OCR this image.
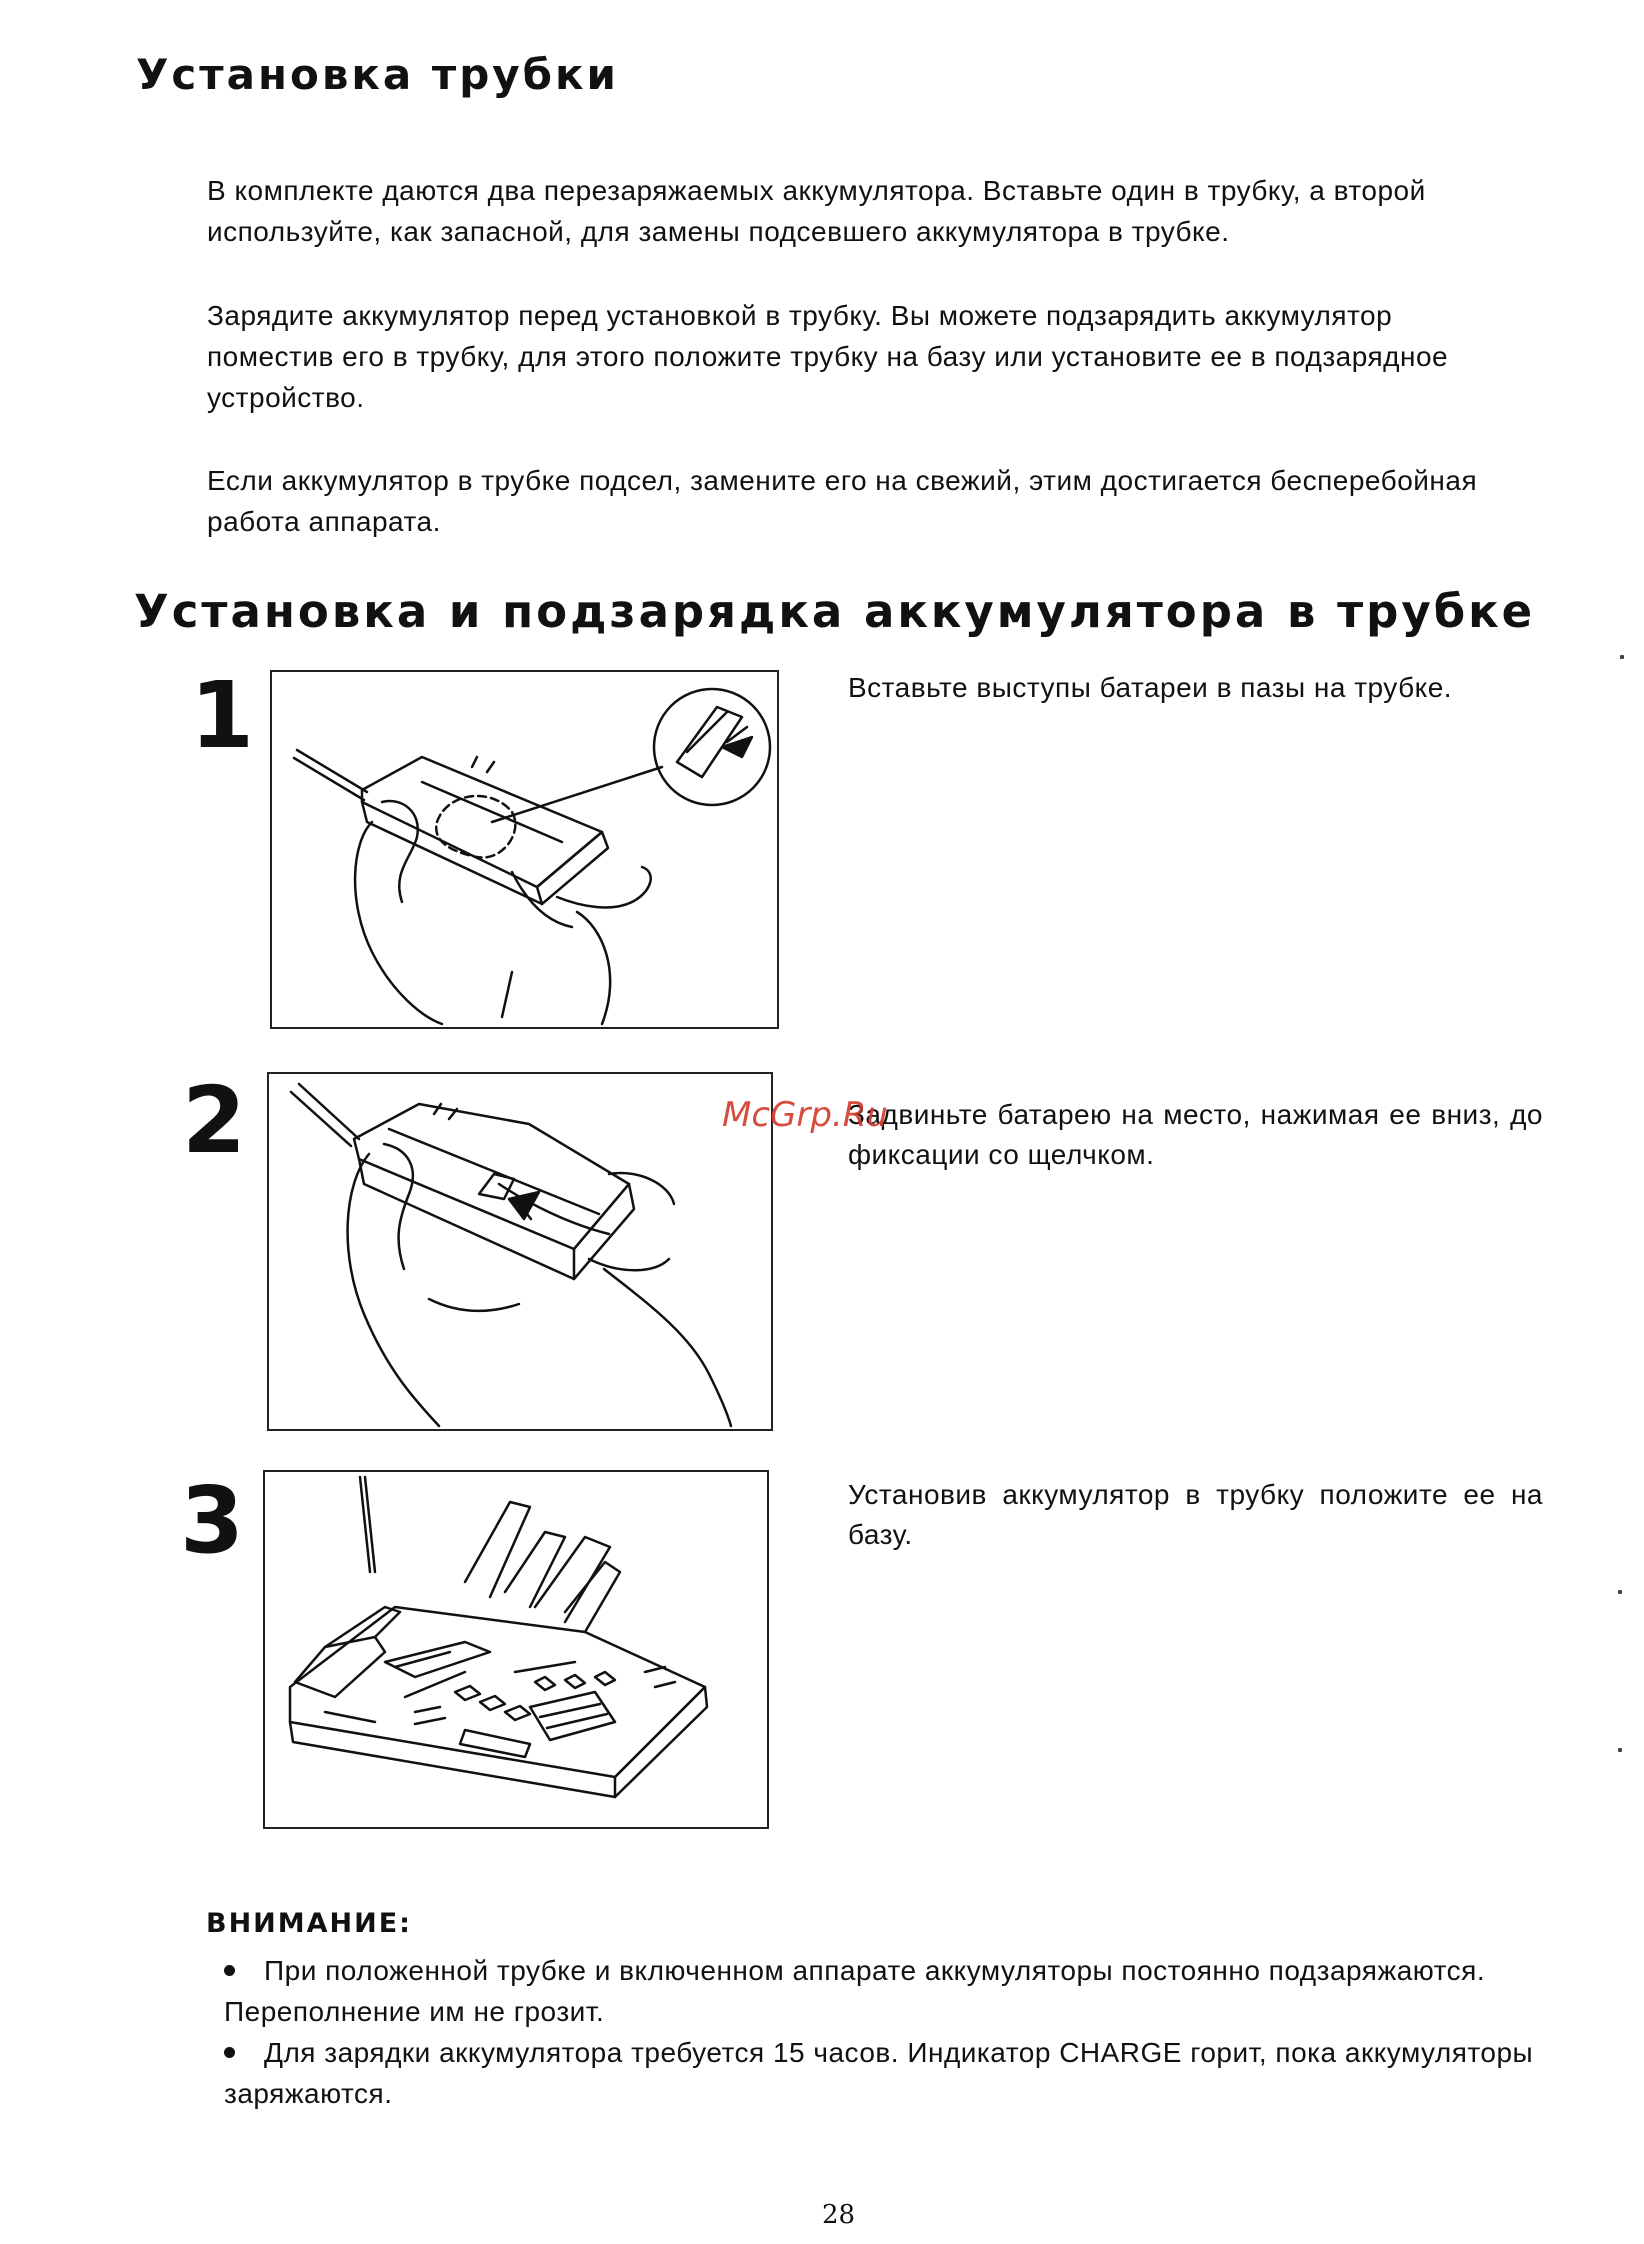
Установка трубки

В комплекте даются два перезаряжаемых аккумулятора. Вставьте один в трубку, а второй используйте, как запасной, для замены подсевшего аккумулятора в трубке.

Зарядите аккумулятор перед установкой в трубку. Вы можете подзарядить аккумулятор поместив его в трубку, для этого положите трубку на базу или установите ее в подзарядное устройство.

Если аккумулятор в трубке подсел, замените его на свежий, этим достигается бесперебойная работа аппарата.

Установка и подзарядка аккумулятора в трубке
1	Вставьте выступы батареи в пазы на трубке.

2	Задвиньте батарею на место, нажимая ее вниз, до фиксации со щелчком.

McGrp.Ru
3	Установив аккумулятор в трубку положите ее на базу.

ВНИМАНИЕ:
При положенной трубке и включенном аппарате аккумуляторы постоянно подзаряжаются. Переполнение им не грозит.
Для зарядки аккумулятора требуется 15 часов. Индикатор CHARGE горит, пока аккумуляторы заряжаются.
28
